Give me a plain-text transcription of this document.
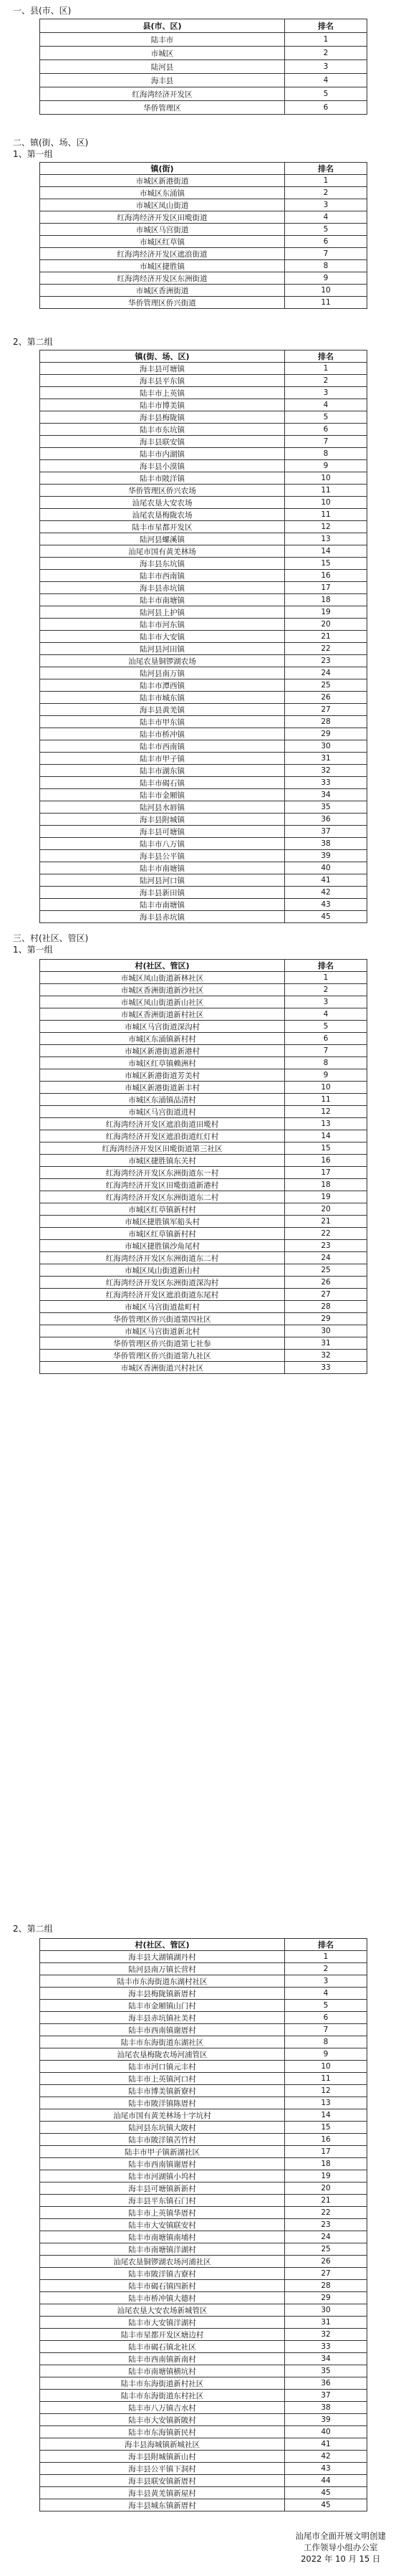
一、县(市、区)
县(市、区)	排名
陆丰市	1
市城区	2
陆河县	3
海丰县	4
红海湾经济开发区	5
华侨管理区	6
二、镇(街、场、区)
1、第一组
镇(街)	排名
市城区新港街道	1
市城区东涌镇	2
市城区凤山街道	3
红海湾经济开发区田墘街道	4
市城区马宫街道	5
市城区红草镇	6
红海湾经济开发区遮浪街道	7
市城区捷胜镇	8
红海湾经济开发区东洲街道	9
市城区香洲街道	10
华侨管理区侨兴街道	11
2、第二组
镇(街、场、区)	排名
海丰县可塘镇	1
海丰县平东镇	2
陆丰市上英镇	3
陆丰市博美镇	4
海丰县梅陇镇	5
陆丰市东坑镇	6
海丰县联安镇	7
陆丰市内湖镇	8
海丰县小漠镇	9
陆丰市陂洋镇	10
华侨管理区侨兴农场	11
汕尾农垦大安农场	10
汕尾农垦梅陇农场	11
陆丰市星都开发区	12
陆河县螺溪镇	13
汕尾市国有黄羌林场	14
海丰县东坑镇	15
陆丰市西南镇	16
海丰县赤坑镇	17
陆丰市南塘镇	18
陆河县上护镇	19
陆丰市河东镇	20
陆丰市大安镇	21
陆河县河田镇	22
汕尾农垦铜锣湖农场	23
陆河县南万镇	24
陆丰市潭西镇	25
陆丰市城东镇	26
海丰县黄羌镇	27
陆丰市甲东镇	28
陆丰市桥冲镇	29
陆丰市西南镇	30
陆丰市甲子镇	31
陆丰市湖东镇	32
陆丰市碣石镇	33
陆丰市金厢镇	34
陆河县水唇镇	35
海丰县附城镇	36
海丰县可塘镇	37
陆丰市八万镇	38
海丰县公平镇	39
陆丰市南塘镇	40
陆河县河口镇	41
海丰县新田镇	42
陆丰市南塘镇	43
海丰县赤坑镇	45
三、村(社区、管区)
1、第一组
村(社区、管区)	排名
市城区凤山街道新林社区	1
市城区香洲街道新沙社区	2
市城区凤山街道新山社区	3
市城区香洲街道新村社区	4
市城区马宫街道深沟村	5
市城区东涌镇新村村	6
市城区新港街道新港村	7
市城区红草镇赖洲村	8
市城区新港街道芳美村	9
市城区新港街道新丰村	10
市城区东涌镇品清村	11
市城区马宫街道进村	12
红海湾经济开发区遮浪街道田墘村	13
红海湾经济开发区遮浪街道红灯村	14
红海湾经济开发区田墘街道第三社区	15
市城区捷胜镇东关村	16
红海湾经济开发区东洲街道东一村	17
红海湾经济开发区田墘街道新港村	18
红海湾经济开发区东洲街道东二村	19
市城区红草镇新村村	20
市城区捷胜镇军船头村	21
市城区红草镇新村村	22
市城区捷胜镇沙角尾村	23
红海湾经济开发区东洲街道东二村	24
市城区凤山街道新山村	25
红海湾经济开发区东洲街道深沟村	26
红海湾经济开发区遮浪街道东尾村	27
市城区马宫街道盐町村	28
华侨管理区侨兴街道第四社区	29
市城区马宫街道新北村	30
华侨管理区侨兴街道第七社参	31
华侨管理区侨兴街道第九社区	32
市城区香洲街道兴村社区	33
2、第二组
村(社区、管区)	排名
海丰县大湖镇湖丹村	1
陆河县南万镇长营村	2
陆丰市东海街道东湖村社区	3
海丰县梅陇镇新厝村	4
陆丰市金厢镇山门村	5
海丰县赤坑镇社美村	6
陆丰市西南镇谢厝村	7
陆丰市东海街道东湖社区	8
汕尾农垦梅陇农场河浦管区	9
陆丰市河口镇元丰村	10
陆丰市上英镇河口村	11
陆丰市博美镇新寮村	12
陆丰市陂洋镇陈厝村	13
汕尾市国有黄羌林场十字坑村	14
陆河县东坑镇大陂村	15
陆丰市陂洋镇苦竹村	16
陆丰市甲子镇新湖社区	17
陆丰市西南镇谢厝村	18
陆丰市河湖镇小坞村	19
海丰县可塘镇新新村	20
海丰县平东镇石门村	21
陆丰市上英镇华厝村	22
陆丰市大安镇联安村	23
陆丰市南塘镇南埔村	24
陆丰市南塘镇洋湖村	25
汕尾农垦铜锣湖农场河浦社区	26
陆丰市陂洋镇吉寮村	27
陆丰市碣石镇四新村	28
陆丰市桥冲镇大德村	29
汕尾农垦大安农场新城管区	30
陆丰市大安镇洋湖村	31
陆丰市星都开发区塘边村	32
陆丰市碣石镇北社区	33
陆丰市西南镇新南村	34
陆丰市南塘镇横坑村	35
陆丰市东海街道新村社区	36
陆丰市东海街道东村社区	37
陆丰市八万镇吉水村	38
陆丰市大安镇新陂村	39
陆丰市东海镇新民村	40
海丰县海城镇新城社区	41
海丰县附城镇新山村	42
海丰县公平镇下洞村	43
海丰县联安镇新厝村	44
海丰县黄羌镇新屋村	45
海丰县城东镇新厝村	45
汕尾市全面开展文明创建
工作领导小组办公室
2022 年 10 月 15 日
